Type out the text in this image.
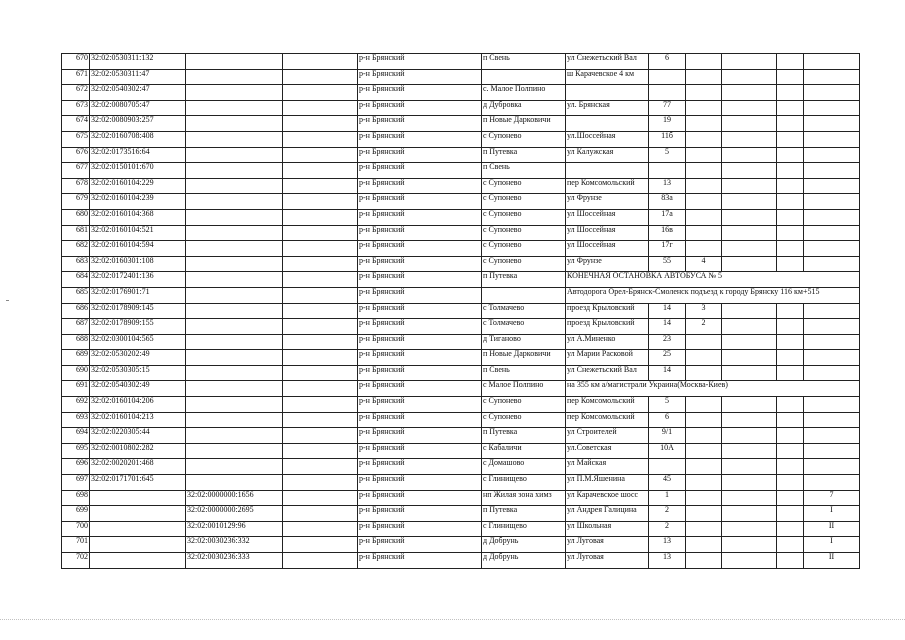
670	32:02:0530311:132			р-н Брянский	п Свень	ул Снежетьский Вал	6				
671	32:02:0530311:47			р-н Брянский		ш Карачевское 4 км					
672	32:02:0540302:47			р-н Брянский	с. Малое Полпино						
673	32:02:0080705:47			р-н Брянский	д Дубровка	ул. Брянская	77				
674	32:02:0080903:257			р-н Брянский	п Новые Дарковичи		19				
675	32:02:0160708:408			р-н Брянский	с Супонево	ул.Шоссейная	11б				
676	32:02:0173516:64			р-н Брянский	п Путевка	ул Калужская	5				
677	32:02:0150101:670			р-н Брянский	п Свень						
678	32:02:0160104:229			р-н Брянский	с Супонево	пер Комсомольский	13				
679	32:02:0160104:239			р-н Брянский	с Супонево	ул Фрунзе	83а				
680	32:02:0160104:368			р-н Брянский	с Супонево	ул Шоссейная	17а				
681	32:02:0160104:521			р-н Брянский	с Супонево	ул Шоссейная	16в				
682	32:02:0160104:594			р-н Брянский	с Супонево	ул Шоссейная	17г				
683	32:02:0160301:108			р-н Брянский	с Супонево	ул Фрунзе	55	4			
684	32:02:0172401:136			р-н Брянский	п Путевка	КОНЕЧНАЯ ОСТАНОВКА АВТОБУСА № 5					
685	32:02:0176901:71			р-н Брянский		Автодорога Орел-Брянск-Смоленск подъезд к городу Брянску 116 км+515					
686	32:02:0178909:145			р-н Брянский	с Толмачево	проезд Крыловский	14	3			
687	32:02:0178909:155			р-н Брянский	с Толмачево	проезд Крыловский	14	2			
688	32:02:0300104:565			р-н Брянский	д Тиганово	ул А.Миненко	23				
689	32:02:0530202:49			р-н Брянский	п Новые Дарковичи	ул Марии Расковой	25				
690	32:02:0530305:15			р-н Брянский	п Свень	ул Снежетьский Вал	14				
691	32:02:0540302:49			р-н Брянский	с Малое Полпино	на 355 км а/магистрали Украина(Москва-Киев)					
692	32:02:0160104:206			р-н Брянский	с Супонево	пер Комсомольский	5				
693	32:02:0160104:213			р-н Брянский	с Супонево	пер Комсомольский	6				
694	32:02:0220305:44			р-н Брянский	п Путевка	ул Строителей	9/1				
695	32:02:0010802:282			р-н Брянский	с Кабаличи	ул.Советская	10А				
696	32:02:0020201:468			р-н Брянский	с Домашово	ул Майская					
697	32:02:0171701:645			р-н Брянский	с Глинищево	ул П.М.Яшенина	45				
698		32:02:0000000:1656		р-н Брянский	нп Жилая зона химз	ул Карачевское шосс	1				7
699		32:02:0000000:2695		р-н Брянский	п Путевка	ул Андрея Галицина	2				I
700		32:02:0010129:96		р-н Брянский	с Глинищево	ул Школьная	2				II
701		32:02:0030236:332		р-н Брянский	д Добрунь	ул Луговая	13				I
702		32:02:0030236:333		р-н Брянский	д Добрунь	ул Луговая	13				II
